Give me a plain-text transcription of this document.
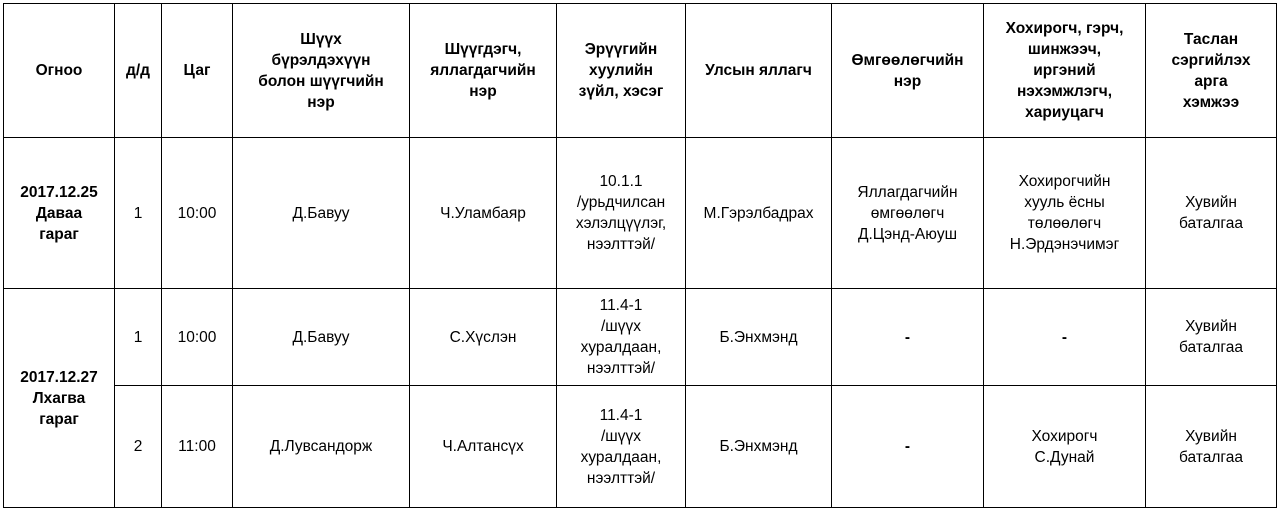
Огноо	д/д	Цаг	Шүүх
бүрэлдэхүүн
болон шүүгчийн
нэр	Шүүгдэгч,
яллагдагчийн
нэр	Эрүүгийн
хуулийн
зүйл, хэсэг	Улсын яллагч	Өмгөөлөгчийн
нэр	Хохирогч, гэрч,
шинжээч,
иргэний
нэхэмжлэгч,
хариуцагч	Таслан
сэргийлэх
арга
хэмжээ

2017.12.25
Даваа
гараг	1	10:00	Д.Бавуу	Ч.Уламбаяр	10.1.1
/урьдчилсан
хэлэлцүүлэг,
нээлттэй/	М.Гэрэлбадрах	Яллагдагчийн
өмгөөлөгч
Д.Цэнд-Аюуш	Хохирогчийн
хууль ёсны
төлөөлөгч
Н.Эрдэнэчимэг	Хувийн
баталгаа

2017.12.27
Лхагва
гараг	1	10:00	Д.Бавуу	С.Хүслэн	11.4-1
/шүүх
хуралдаан,
нээлттэй/	Б.Энхмэнд	-	-	Хувийн
баталгаа

	2	11:00	Д.Лувсандорж	Ч.Алтансүх	11.4-1
/шүүх
хуралдаан,
нээлттэй/	Б.Энхмэнд	-	Хохирогч
С.Дунай	Хувийн
баталгаа
